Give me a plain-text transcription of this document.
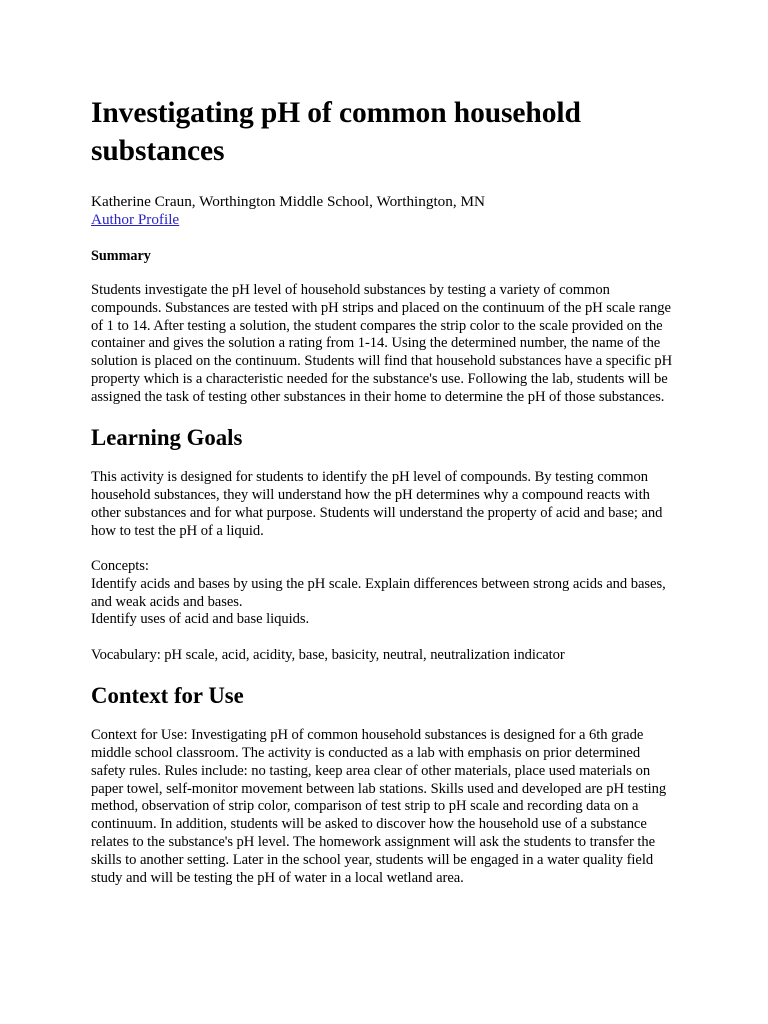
Investigating pH of common household substances
Katherine Craun, Worthington Middle School, Worthington, MN
Author Profile
Summary

Students investigate the pH level of household substances by testing a variety of common compounds. Substances are tested with pH strips and placed on the continuum of the pH scale range of 1 to 14. After testing a solution, the student compares the strip color to the scale provided on the container and gives the solution a rating from 1-14. Using the determined number, the name of the solution is placed on the continuum. Students will find that household substances have a specific pH property which is a characteristic needed for the substance's use. Following the lab, students will be assigned the task of testing other substances in their home to determine the pH of those substances.

Learning Goals

This activity is designed for students to identify the pH level of compounds. By testing common household substances, they will understand how the pH determines why a compound reacts with other substances and for what purpose. Students will understand the property of acid and base; and how to test the pH of a liquid.

Concepts:
Identify acids and bases by using the pH scale. Explain differences between strong acids and bases, and weak acids and bases.
Identify uses of acid and base liquids.

Vocabulary: pH scale, acid, acidity, base, basicity, neutral, neutralization indicator

Context for Use

Context for Use: Investigating pH of common household substances is designed for a 6th grade middle school classroom. The activity is conducted as a lab with emphasis on prior determined safety rules. Rules include: no tasting, keep area clear of other materials, place used materials on paper towel, self-monitor movement between lab stations. Skills used and developed are pH testing method, observation of strip color, comparison of test strip to pH scale and recording data on a continuum. In addition, students will be asked to discover how the household use of a substance relates to the substance's pH level. The homework assignment will ask the students to transfer the skills to another setting. Later in the school year, students will be engaged in a water quality field study and will be testing the pH of water in a local wetland area.
